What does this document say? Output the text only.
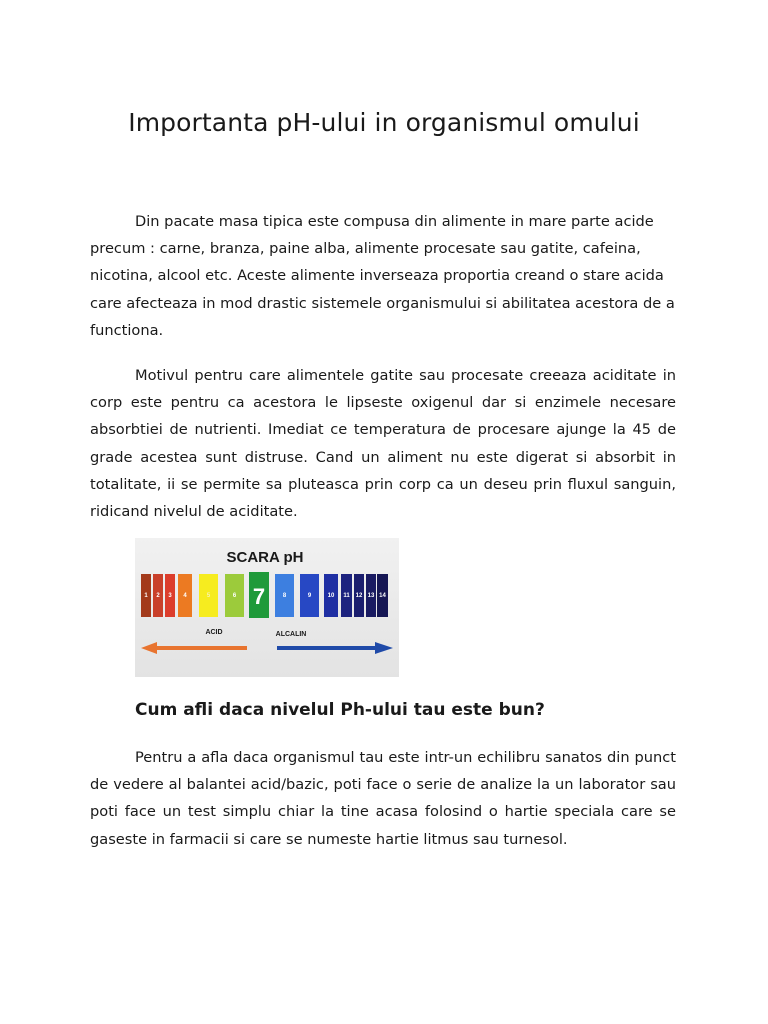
Importanta pH-ului in organismul omului

Din pacate masa tipica este compusa din alimente in mare parte acide precum : carne, branza, paine alba, alimente procesate sau gatite, cafeina, nicotina, alcool etc. Aceste alimente inverseaza proportia creand o stare acida care afecteaza in mod drastic sistemele organismului si abilitatea acestora de a functiona.

Motivul pentru care alimentele gatite sau procesate creeaza aciditate in corp este pentru ca acestora le lipseste oxigenul dar si enzimele necesare absorbtiei de nutrienti. Imediat ce temperatura de procesare ajunge la 45 de grade acestea sunt distruse. Cand un aliment nu este digerat si absorbit in totalitate, ii se permite sa pluteasca prin corp ca un deseu prin fluxul sanguin, ridicand nivelul de aciditate.

SCARA pH
1 2 3 4	5	6 7	8	9	10 11 12 13 14
ACID	ALCALIN
Cum afli daca nivelul Ph-ului tau este bun?

Pentru a afla daca organismul tau este intr-un echilibru sanatos din punct de vedere al balantei acid/bazic, poti face o serie de analize la un laborator sau poti face un test simplu chiar la tine acasa folosind o hartie speciala care se gaseste in farmacii si care se numeste hartie litmus sau turnesol.
